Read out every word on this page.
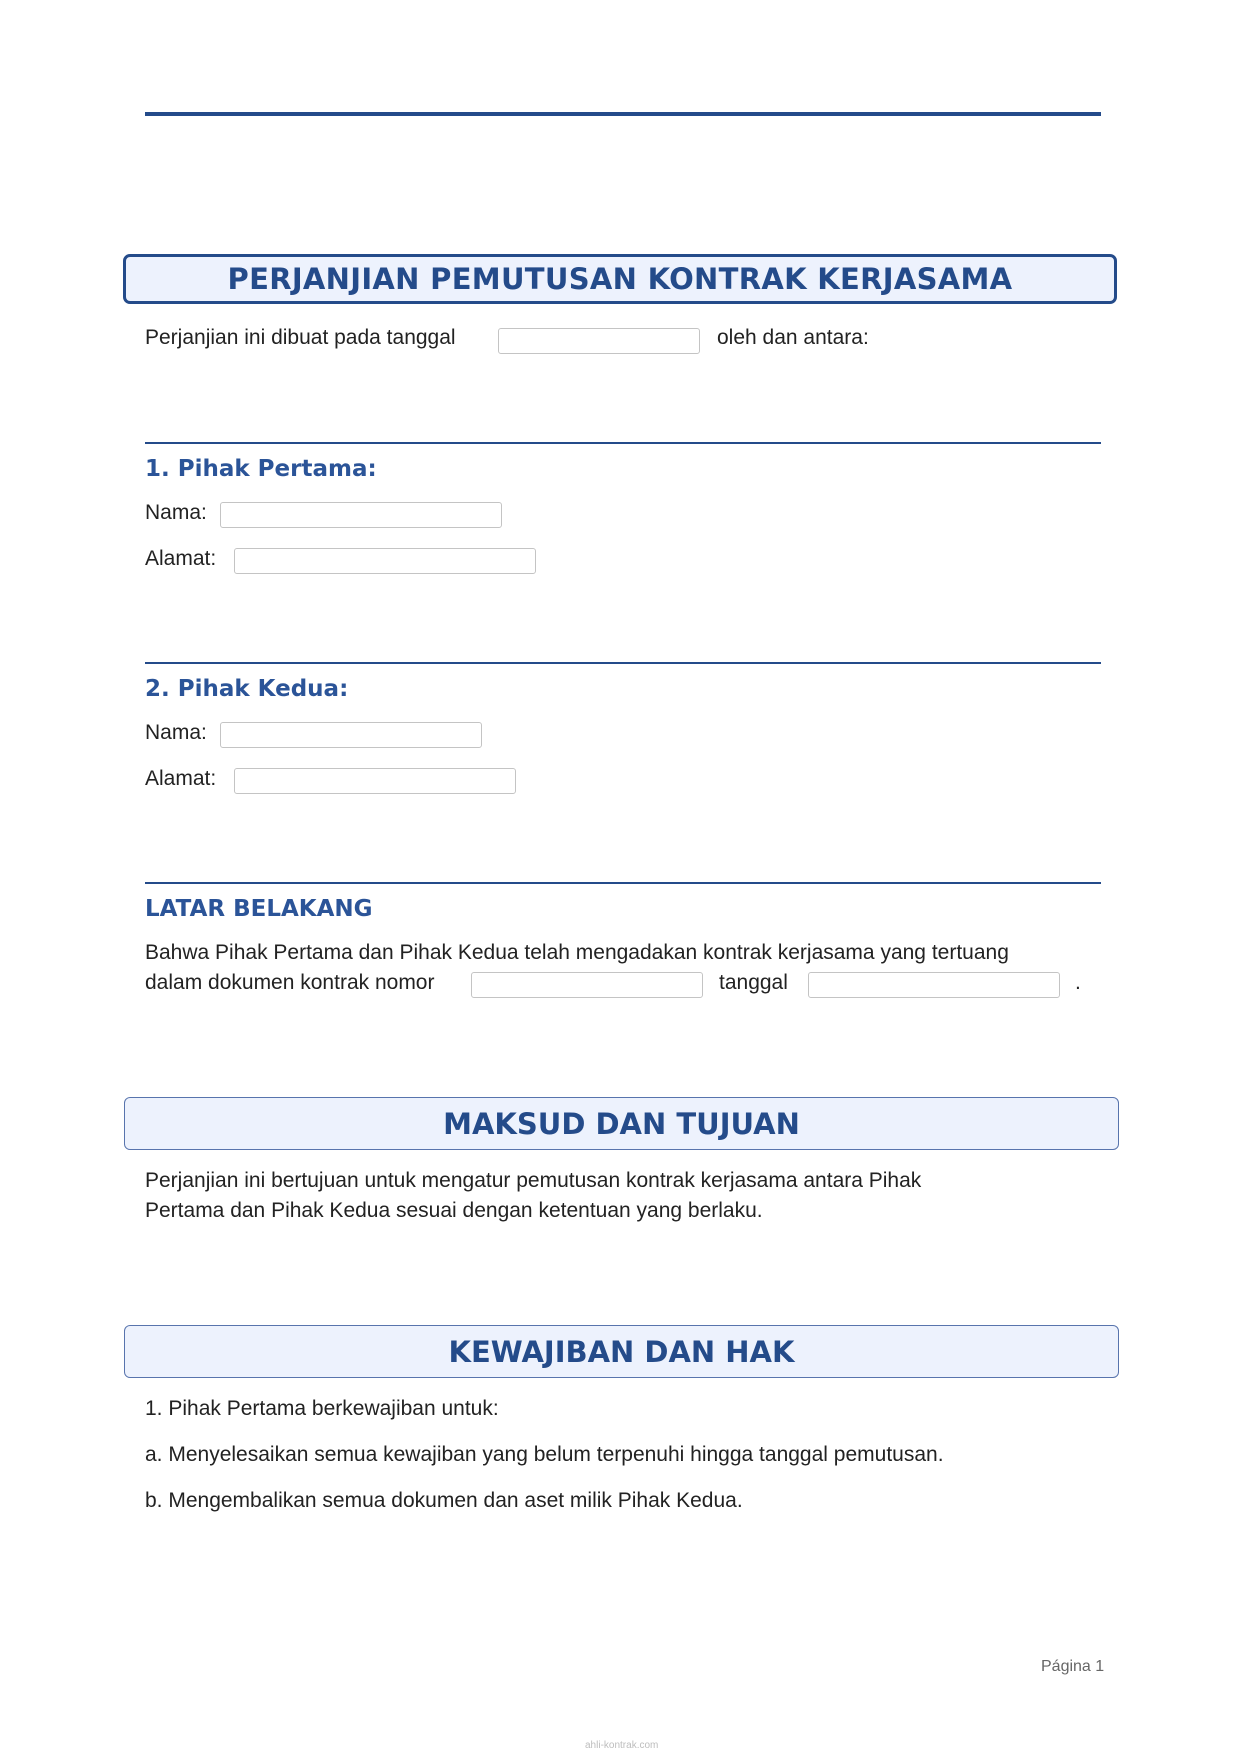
PERJANJIAN PEMUTUSAN KONTRAK KERJASAMA
Perjanjian ini dibuat pada tanggal	oleh dan antara:
1. Pihak Pertama:
Nama:
Alamat:
2. Pihak Kedua:
Nama:
Alamat:
LATAR BELAKANG
Bahwa Pihak Pertama dan Pihak Kedua telah mengadakan kontrak kerjasama yang tertuang
dalam dokumen kontrak nomor	tanggal	.
MAKSUD DAN TUJUAN
Perjanjian ini bertujuan untuk mengatur pemutusan kontrak kerjasama antara Pihak
Pertama dan Pihak Kedua sesuai dengan ketentuan yang berlaku.
KEWAJIBAN DAN HAK
1. Pihak Pertama berkewajiban untuk:
a. Menyelesaikan semua kewajiban yang belum terpenuhi hingga tanggal pemutusan.
b. Mengembalikan semua dokumen dan aset milik Pihak Kedua.
Página 1
ahli-kontrak.com
